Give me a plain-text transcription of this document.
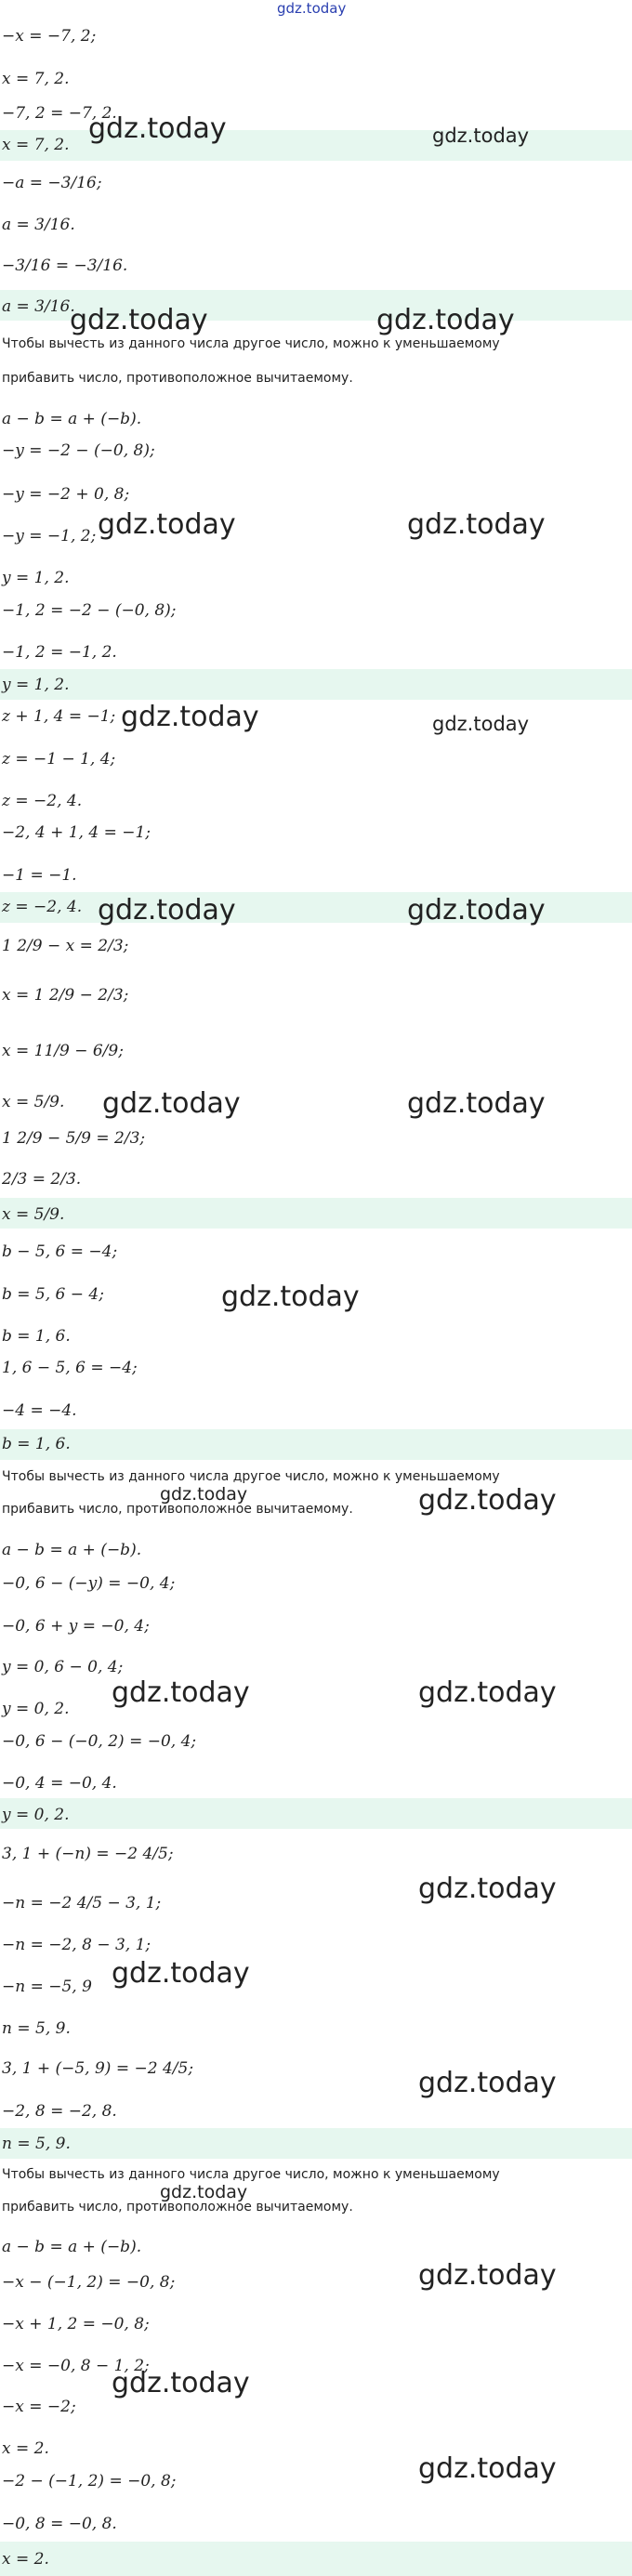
gdz.today
−x = −7, 2;
x = 7, 2.
−7, 2 = −7, 2.
x = 7, 2.
−a = −3/16;
a = 3/16.
−3/16 = −3/16.
a = 3/16.
Чтобы вычесть из данного числа другое число, можно к уменьшаемому
прибавить число, противоположное вычитаемому.
a − b = a + (−b).
−y = −2 − (−0, 8);
−y = −2 + 0, 8;
−y = −1, 2;
y = 1, 2.
−1, 2 = −2 − (−0, 8);
−1, 2 = −1, 2.
y = 1, 2.
z + 1, 4 = −1;
z = −1 − 1, 4;
z = −2, 4.
−2, 4 + 1, 4 = −1;
−1 = −1.
z = −2, 4.
1 2/9 − x = 2/3;
x = 1 2/9 − 2/3;
x = 11/9 − 6/9;
x = 5/9.
1 2/9 − 5/9 = 2/3;
2/3 = 2/3.
x = 5/9.
b − 5, 6 = −4;
b = 5, 6 − 4;
b = 1, 6.
1, 6 − 5, 6 = −4;
−4 = −4.
b = 1, 6.
Чтобы вычесть из данного числа другое число, можно к уменьшаемому
прибавить число, противоположное вычитаемому.
a − b = a + (−b).
−0, 6 − (−y) = −0, 4;
−0, 6 + y = −0, 4;
y = 0, 6 − 0, 4;
y = 0, 2.
−0, 6 − (−0, 2) = −0, 4;
−0, 4 = −0, 4.
y = 0, 2.
3, 1 + (−n) = −2 4/5;
−n = −2 4/5 − 3, 1;
−n = −2, 8 − 3, 1;
−n = −5, 9
n = 5, 9.
3, 1 + (−5, 9) = −2 4/5;
−2, 8 = −2, 8.
n = 5, 9.
Чтобы вычесть из данного числа другое число, можно к уменьшаемому
прибавить число, противоположное вычитаемому.
a − b = a + (−b).
−x − (−1, 2) = −0, 8;
−x + 1, 2 = −0, 8;
−x = −0, 8 − 1, 2;
−x = −2;
x = 2.
−2 − (−1, 2) = −0, 8;
−0, 8 = −0, 8.
x = 2.
gdz.today	gdz.today
gdz.today	gdz.today
gdz.today	gdz.today
gdz.today	gdz.today
gdz.today	gdz.today
gdz.today	gdz.today
gdz.today
gdz.today	gdz.today
gdz.today	gdz.today
gdz.today
gdz.today
gdz.today
gdz.today
gdz.today
gdz.today
gdz.today
